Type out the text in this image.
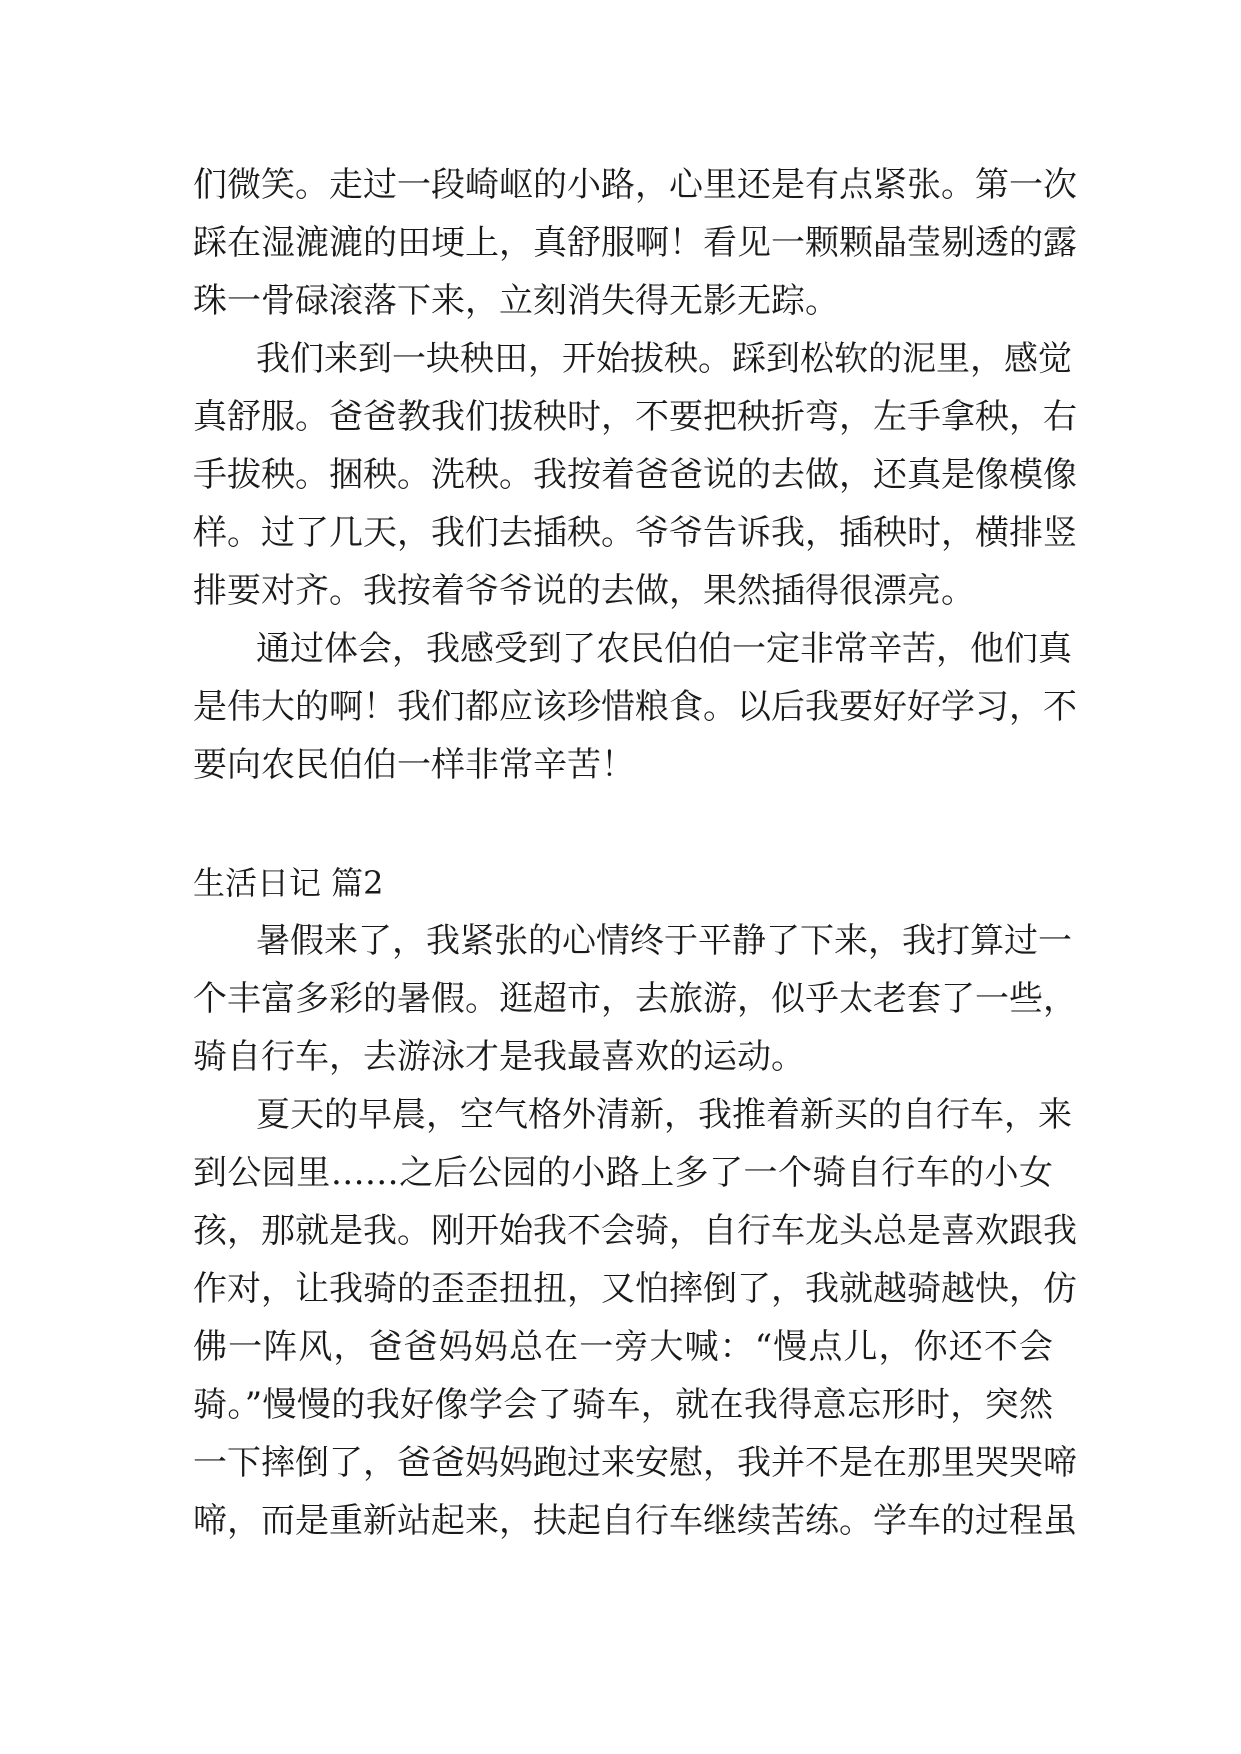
们微笑。走过一段崎岖的小路，心里还是有点紧张。第一次
踩在湿漉漉的田埂上，真舒服啊！看见一颗颗晶莹剔透的露
珠一骨碌滚落下来，立刻消失得无影无踪。
我们来到一块秧田，开始拔秧。踩到松软的泥里，感觉
真舒服。爸爸教我们拔秧时，不要把秧折弯，左手拿秧，右
手拔秧。捆秧。洗秧。我按着爸爸说的去做，还真是像模像
样。过了几天，我们去插秧。爷爷告诉我，插秧时，横排竖
排要对齐。我按着爷爷说的去做，果然插得很漂亮。
通过体会，我感受到了农民伯伯一定非常辛苦，他们真
是伟大的啊！我们都应该珍惜粮食。以后我要好好学习，不
要向农民伯伯一样非常辛苦！
生活日记 篇2
暑假来了，我紧张的心情终于平静了下来，我打算过一
个丰富多彩的暑假。逛超市，去旅游，似乎太老套了一些，
骑自行车，去游泳才是我最喜欢的运动。
夏天的早晨，空气格外清新，我推着新买的自行车，来
到公园里……之后公园的小路上多了一个骑自行车的小女
孩，那就是我。刚开始我不会骑，自行车龙头总是喜欢跟我
作对，让我骑的歪歪扭扭，又怕摔倒了，我就越骑越快，仿
佛一阵风，爸爸妈妈总在一旁大喊：“慢点儿，你还不会
骑。”慢慢的我好像学会了骑车，就在我得意忘形时，突然
一下摔倒了，爸爸妈妈跑过来安慰，我并不是在那里哭哭啼
啼，而是重新站起来，扶起自行车继续苦练。学车的过程虽
